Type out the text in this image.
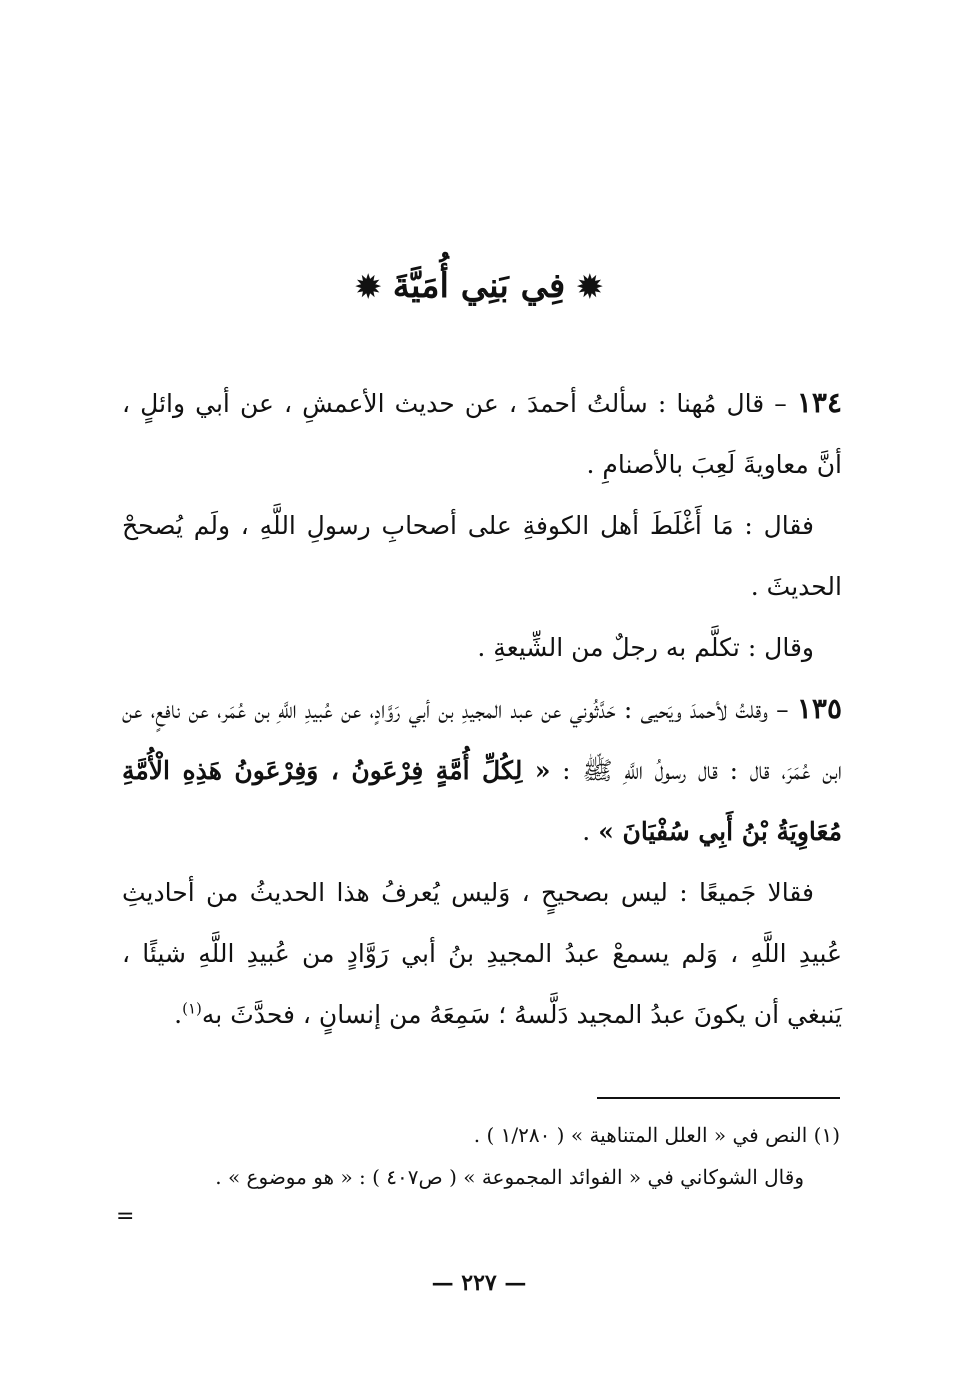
✹فِي بَنِي أُمَيَّةَ✹

١٣٤ – قال مُهنا : سألتُ أحمدَ ، عن حديث الأعمشِ ، عن أبي وائلٍ ، أنَّ معاويةَ لَعِبَ بالأصنامِ .

فقال : مَا أَغْلَطَ أهل الكوفةِ على أصحابِ رسولِ اللَّهِ ، ولَم يُصححْ الحديثَ .

وقال : تكلَّم به رجلٌ من الشِّيعةِ .

١٣٥ – وقلتُ لأحمدَ ويَحيى : حَدَّثُوني عن عبد المجيدِ بن أبي رَوَّادٍ، عن عُبيدِ اللَّهِ بن عُمَر، عن نافعٍ، عن ابن عُمَرَ، قال : قال رسولُ اللَّهِ ﷺ : « لِكُلِّ أُمَّةٍ فِرْعَونُ ، وَفِرْعَونُ هَذِهِ الْأُمَّةِ مُعَاوِيَةُ بْنُ أَبِي سُفْيَانَ » .

فقالا جَميعًا : ليس بصحيحٍ ، وَليس يُعرفُ هذا الحديثُ من أحاديثِ عُبيدِ اللَّهِ ، وَلم يسمعْ عبدُ المجيدِ بنُ أبي رَوَّادٍ من عُبيدِ اللَّهِ شيئًا ، يَنبغي أن يكونَ عبدُ المجيد دَلَّسهُ ؛ سَمِعَهُ من إنسانٍ ، فحدَّثَ به$^{(١)}$.

(١) النص في « العلل المتناهية » ( ١/٢٨٠ ) .

وقال الشوكاني في « الفوائد المجموعة » ( ص٤٠٧ ) : « هو موضوع » .

=
— ٢٢٧ —
